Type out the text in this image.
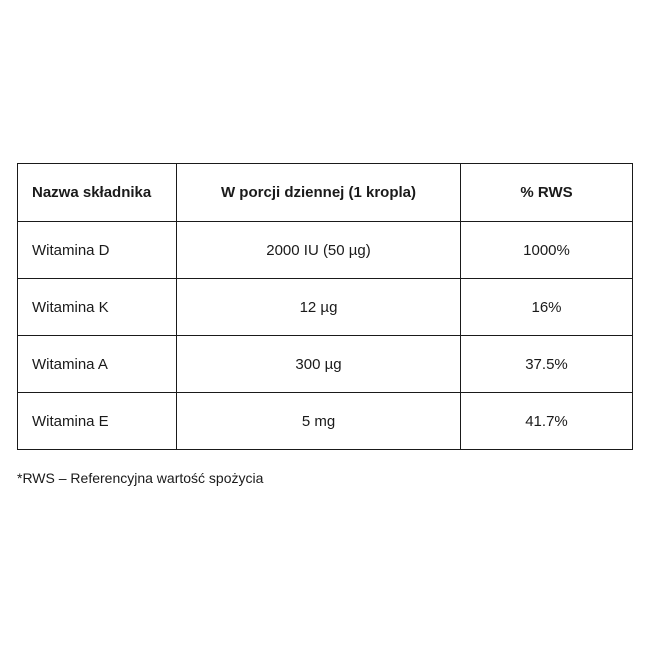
Nazwa składnika	W porcji dziennej (1 kropla)	% RWS
Witamina D	2000 IU (50 µg)	1000%
Witamina K	12 µg	16%
Witamina A	300 µg	37.5%
Witamina E	5 mg	41.7%

*RWS – Referencyjna wartość spożycia
